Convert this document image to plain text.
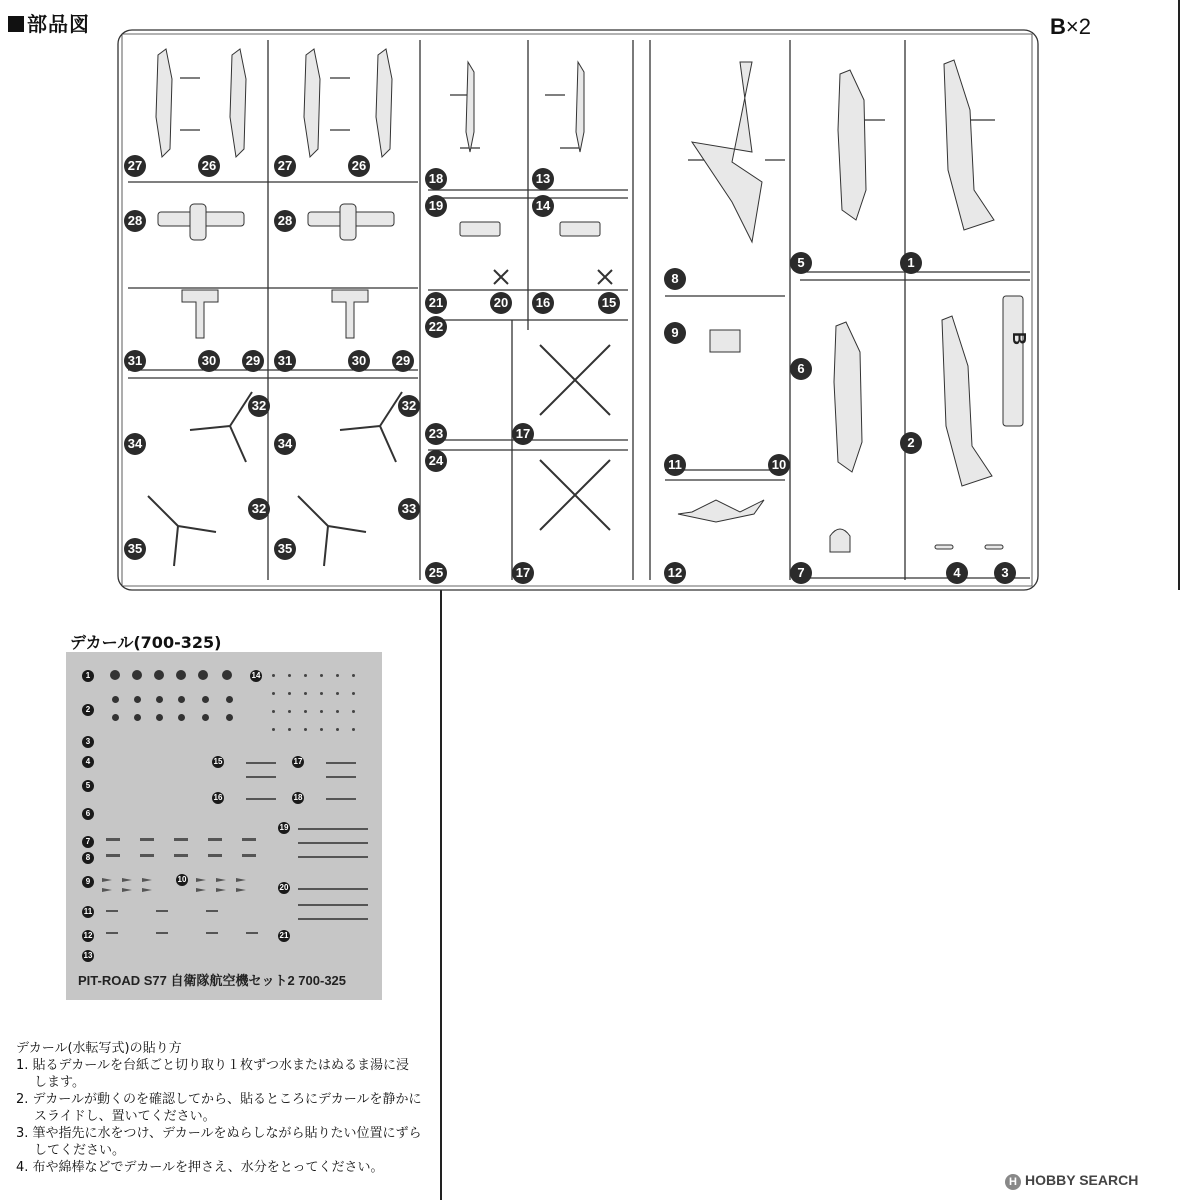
部品図	B×2
B
27	26	27	26
28	28
31	30 29 31	30 29
34
32
34
32
35
32
35
33
18	13
19	14
21	20 16	15
22
23	17
24
25	17
8
9
11	10
12
5	1
6
2
7	4	3
デカール(700-325)
1
2
3
4
5
6
7
8
9	10
11
12
13
14
15
16
17
18
19
20
21
PIT-ROAD S77 自衛隊航空機セット2 700-325

デカール(水転写式)の貼り方

1. 貼るデカールを台紙ごと切り取り１枚ずつ水またはぬるま湯に浸

します。

2. デカールが動くのを確認してから、貼るところにデカールを静かに

スライドし、置いてください。

3. 筆や指先に水をつけ、デカールをぬらしながら貼りたい位置にずら

してください。

4. 布や綿棒などでデカールを押さえ、水分をとってください。

H HOBBY SEARCH
